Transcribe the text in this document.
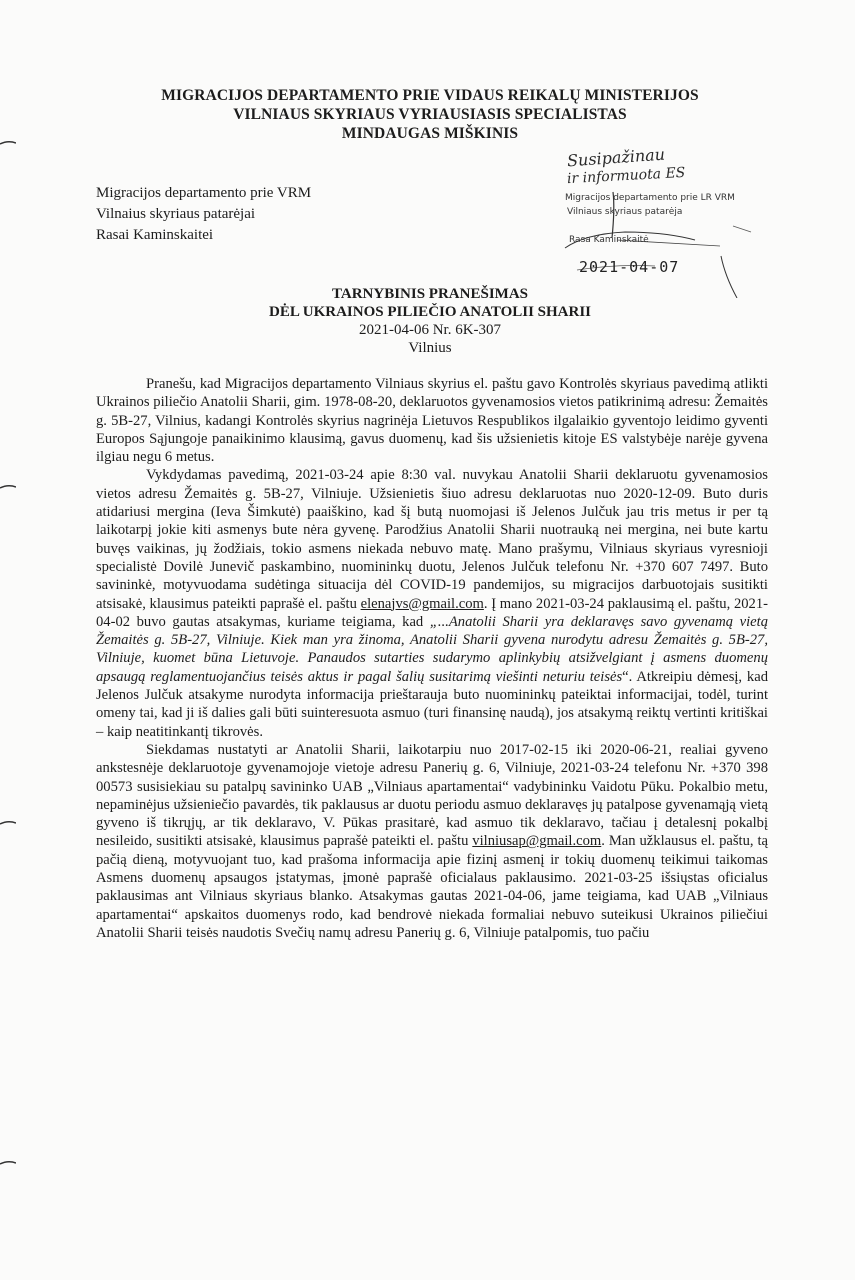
MIGRACIJOS DEPARTAMENTO PRIE VIDAUS REIKALŲ MINISTERIJOS
VILNIAUS SKYRIAUS VYRIAUSIASIS SPECIALISTAS
MINDAUGAS MIŠKINIS
Migracijos departamento prie VRM
Vilnaius skyriaus patarėjai
Rasai Kaminskaitei
Susipažinau
ir informuota ES
Migracijos departamento prie LR VRM
Vilniaus skyriaus patarėja
Rasa Kaminskaitė
2021-04-07
TARNYBINIS PRANEŠIMAS
DĖL UKRAINOS PILIEČIO ANATOLII SHARII
2021-04-06 Nr. 6K-307
Vilnius

Pranešu, kad Migracijos departamento Vilniaus skyrius el. paštu gavo Kontrolės skyriaus pavedimą atlikti Ukrainos piliečio Anatolii Sharii, gim. 1978-08-20, deklaruotos gyvenamosios vietos patikrinimą adresu: Žemaitės g. 5B-27, Vilnius, kadangi Kontrolės skyrius nagrinėja Lietuvos Respublikos ilgalaikio gyventojo leidimo gyventi Europos Sąjungoje panaikinimo klausimą, gavus duomenų, kad šis užsienietis kitoje ES valstybėje narėje gyvena ilgiau negu 6 metus.

Vykdydamas pavedimą, 2021-03-24 apie 8:30 val. nuvykau Anatolii Sharii deklaruotu gyvenamosios vietos adresu Žemaitės g. 5B-27, Vilniuje. Užsienietis šiuo adresu deklaruotas nuo 2020-12-09. Buto duris atidariusi mergina (Ieva Šimkutė) paaiškino, kad šį butą nuomojasi iš Jelenos Julčuk jau tris metus ir per tą laikotarpį jokie kiti asmenys bute nėra gyvenę. Parodžius Anatolii Sharii nuotrauką nei mergina, nei bute kartu buvęs vaikinas, jų žodžiais, tokio asmens niekada nebuvo matę. Mano prašymu, Vilniaus skyriaus vyresnioji specialistė Dovilė Junevič paskambino, nuomininkų duotu, Jelenos Julčuk telefonu Nr. +370 607 7497. Buto savininkė, motyvuodama sudėtinga situacija dėl COVID-19 pandemijos, su migracijos darbuotojais susitikti atsisakė, klausimus pateikti paprašė el. paštu elenajvs@gmail.com. Į mano 2021-03-24 paklausimą el. paštu, 2021-04-02 buvo gautas atsakymas, kuriame teigiama, kad „...Anatolii Sharii yra deklaravęs savo gyvenamą vietą Žemaitės g. 5B-27, Vilniuje. Kiek man yra žinoma, Anatolii Sharii gyvena nurodytu adresu Žemaitės g. 5B-27, Vilniuje, kuomet būna Lietuvoje. Panaudos sutarties sudarymo aplinkybių atsižvelgiant į asmens duomenų apsaugą reglamentuojančius teisės aktus ir pagal šalių susitarimą viešinti neturiu teisės“. Atkreipiu dėmesį, kad Jelenos Julčuk atsakyme nurodyta informacija prieštarauja buto nuomininkų pateiktai informacijai, todėl, turint omeny tai, kad ji iš dalies gali būti suinteresuota asmuo (turi finansinę naudą), jos atsakymą reiktų vertinti kritiškai – kaip neatitinkantį tikrovės.

Siekdamas nustatyti ar Anatolii Sharii, laikotarpiu nuo 2017-02-15 iki 2020-06-21, realiai gyveno ankstesnėje deklaruotoje gyvenamojoje vietoje adresu Panerių g. 6, Vilniuje, 2021-03-24 telefonu Nr. +370 398 00573 susisiekiau su patalpų savininko UAB „Vilniaus apartamentai“ vadybininku Vaidotu Pūku. Pokalbio metu, nepaminėjus užsieniečio pavardės, tik paklausus ar duotu periodu asmuo deklaravęs jų patalpose gyvenamąją vietą gyveno iš tikrųjų, ar tik deklaravo, V. Pūkas prasitarė, kad asmuo tik deklaravo, tačiau į detalesnį pokalbį nesileido, susitikti atsisakė, klausimus paprašė pateikti el. paštu vilniusap@gmail.com. Man užklausus el. paštu, tą pačią dieną, motyvuojant tuo, kad prašoma informacija apie fizinį asmenį ir tokių duomenų teikimui taikomas Asmens duomenų apsaugos įstatymas, įmonė paprašė oficialaus paklausimo. 2021-03-25 išsiųstas oficialus paklausimas ant Vilniaus skyriaus blanko. Atsakymas gautas 2021-04-06, jame teigiama, kad UAB „Vilniaus apartamentai“ apskaitos duomenys rodo, kad bendrovė niekada formaliai nebuvo suteikusi Ukrainos piliečiui Anatolii Sharii teisės naudotis Svečių namų adresu Panerių g. 6, Vilniuje patalpomis, tuo pačiu
